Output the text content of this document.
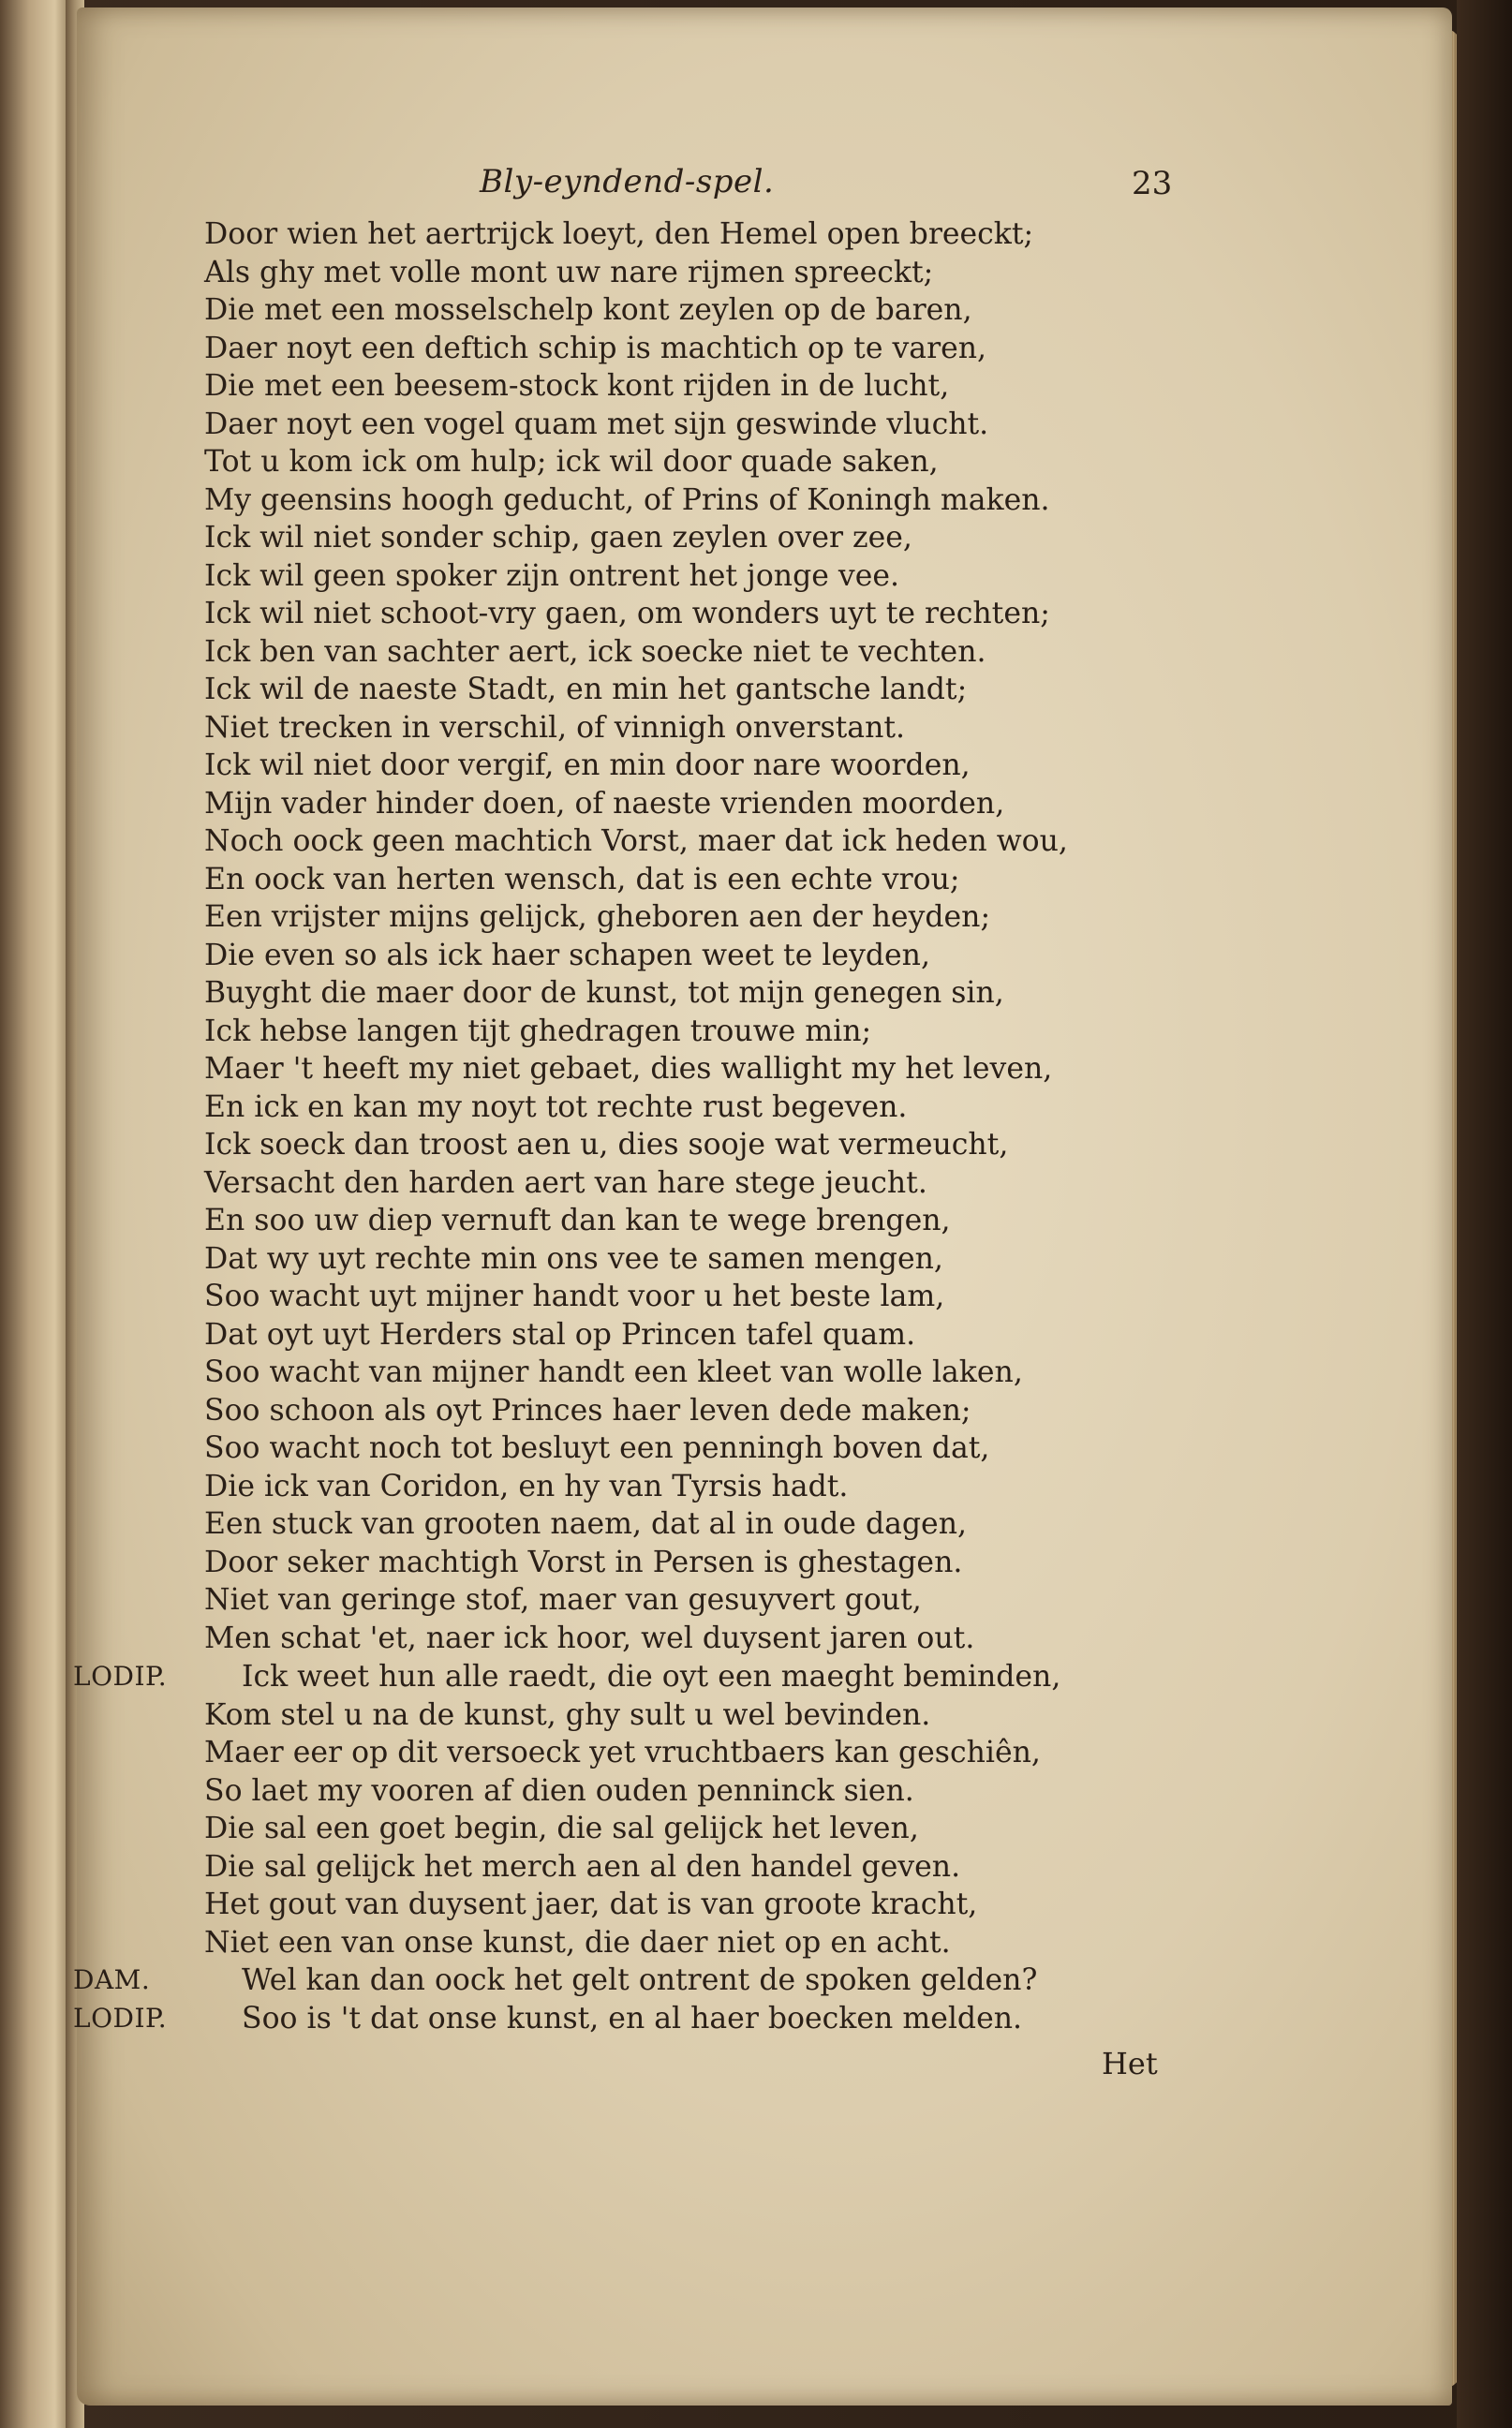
Bly-eyndend-spel.	23
Door wien het aertrijck loeyt, den Hemel open breeckt;
Als ghy met volle mont uw nare rijmen spreeckt;
Die met een mosselschelp kont zeylen op de baren,
Daer noyt een deftich schip is machtich op te varen,
Die met een beesem-stock kont rijden in de lucht,
Daer noyt een vogel quam met sijn geswinde vlucht.
Tot u kom ick om hulp; ick wil door quade saken,
My geensins hoogh geducht, of Prins of Koningh maken.
Ick wil niet sonder schip, gaen zeylen over zee,
Ick wil geen spoker zijn ontrent het jonge vee.
Ick wil niet schoot-vry gaen, om wonders uyt te rechten;
Ick ben van sachter aert, ick soecke niet te vechten.
Ick wil de naeste Stadt, en min het gantsche landt;
Niet trecken in verschil, of vinnigh onverstant.
Ick wil niet door vergif, en min door nare woorden,
Mijn vader hinder doen, of naeste vrienden moorden,
Noch oock geen machtich Vorst, maer dat ick heden wou,
En oock van herten wensch, dat is een echte vrou;
Een vrijster mijns gelijck, gheboren aen der heyden;
Die even so als ick haer schapen weet te leyden,
Buyght die maer door de kunst, tot mijn genegen sin,
Ick hebse langen tijt ghedragen trouwe min;
Maer 't heeft my niet gebaet, dies wallight my het leven,
En ick en kan my noyt tot rechte rust begeven.
Ick soeck dan troost aen u, dies sooje wat vermeucht,
Versacht den harden aert van hare stege jeucht.
En soo uw diep vernuft dan kan te wege brengen,
Dat wy uyt rechte min ons vee te samen mengen,
Soo wacht uyt mijner handt voor u het beste lam,
Dat oyt uyt Herders stal op Princen tafel quam.
Soo wacht van mijner handt een kleet van wolle laken,
Soo schoon als oyt Princes haer leven dede maken;
Soo wacht noch tot besluyt een penningh boven dat,
Die ick van Coridon, en hy van Tyrsis hadt.
Een stuck van grooten naem, dat al in oude dagen,
Door seker machtigh Vorst in Persen is ghestagen.
Niet van geringe stof, maer van gesuyvert gout,
Men schat 'et, naer ick hoor, wel duysent jaren out.
LODIP.	Ick weet hun alle raedt, die oyt een maeght beminden,
Kom stel u na de kunst, ghy sult u wel bevinden.
Maer eer op dit versoeck yet vruchtbaers kan geschiên,
So laet my vooren af dien ouden penninck sien.
Die sal een goet begin, die sal gelijck het leven,
Die sal gelijck het merch aen al den handel geven.
Het gout van duysent jaer, dat is van groote kracht,
Niet een van onse kunst, die daer niet op en acht.
DAM.	Wel kan dan oock het gelt ontrent de spoken gelden?
LODIP.	Soo is 't dat onse kunst, en al haer boecken melden.
Het
